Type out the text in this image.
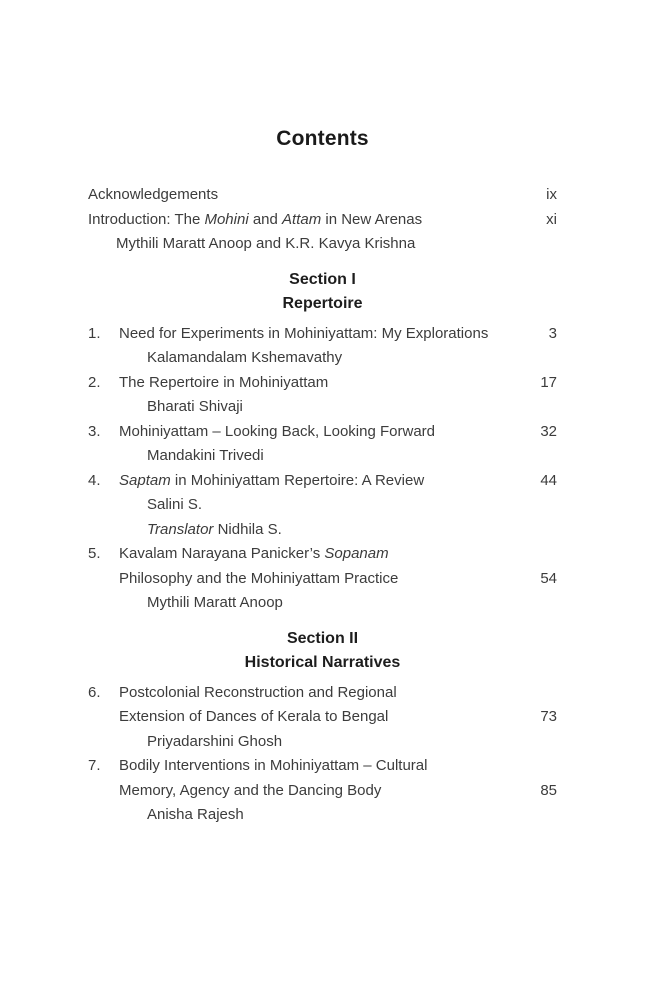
Contents
Acknowledgements	ix
Introduction: The Mohini and Attam in New Arenas	xi
Mythili Maratt Anoop and K.R. Kavya Krishna
Section I
Repertoire
1.	Need for Experiments in Mohiniyattam: My Explorations	3
Kalamandalam Kshemavathy
2.	The Repertoire in Mohiniyattam	17
Bharati Shivaji
3.	Mohiniyattam – Looking Back, Looking Forward	32
Mandakini Trivedi
4.	Saptam in Mohiniyattam Repertoire: A Review	44
Salini S.
Translator Nidhila S.
5.	Kavalam Narayana Panicker’s Sopanam
Philosophy and the Mohiniyattam Practice	54
Mythili Maratt Anoop
Section II
Historical Narratives
6.	Postcolonial Reconstruction and Regional
Extension of Dances of Kerala to Bengal	73
Priyadarshini Ghosh
7.	Bodily Interventions in Mohiniyattam – Cultural
Memory, Agency and the Dancing Body	85
Anisha Rajesh
